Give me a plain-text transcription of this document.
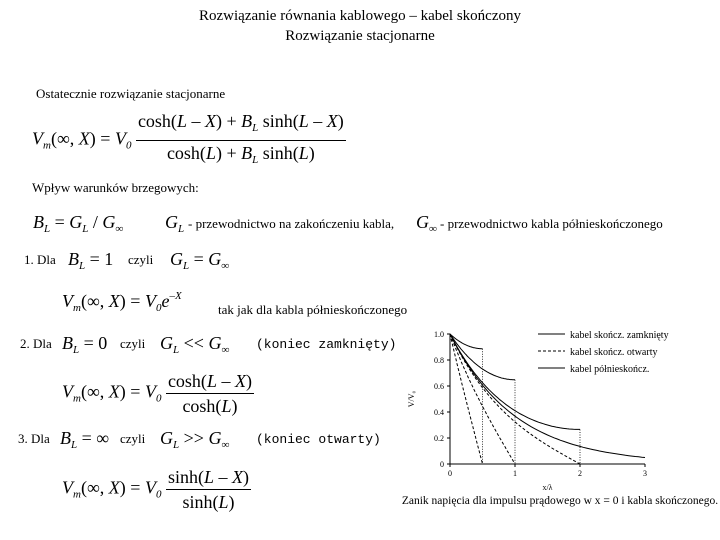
Rozwiązanie równania kablowego – kabel skończony
Rozwiązanie stacjonarne
Ostatecznie rozwiązanie stacjonarne
$V_m(\infty$, $X) = V_0 \frac{\cosh(L - X) + B_L \sinh(L - X)}{\cosh(L) + B_L \sinh(L)}$
Wpływ warunków brzegowych:
$B_L = G_L / G_\infty$ $G_L$ - przewodnictwo na zakończeniu kabla, $G_\infty$ - przewodnictwo kabla półnieskończonego
1. Dla $B_L = 1$ czyli $G_L = G_\infty$
$V_m(\infty$, $X) = V_0e^{-X}$
tak jak dla kabla półnieskończonego
2. Dla $B_L = 0$ czyli $G_L << G_\infty$ (koniec zamknięty)
$V_m(\infty$, $X) = V_0 \frac{\cosh(L - X)}{\cosh(L)}$
3. Dla $B_L$ = ∞ czyli $G_L >> G_\infty$ (koniec otwarty)
$V_m(\infty$, $X) = V_0 \frac{\sinh(L - X)}{\sinh(L)}$
0
0.2
0.4
0.6
0.8
1.0
0	1	2	3
x/λ
V/V₀
kabel skończ. zamknięty
kabel skończ. otwarty
kabel półnieskończ.
Zanik napięcia dla impulsu prądowego w x = 0 i kabla skończonego.
